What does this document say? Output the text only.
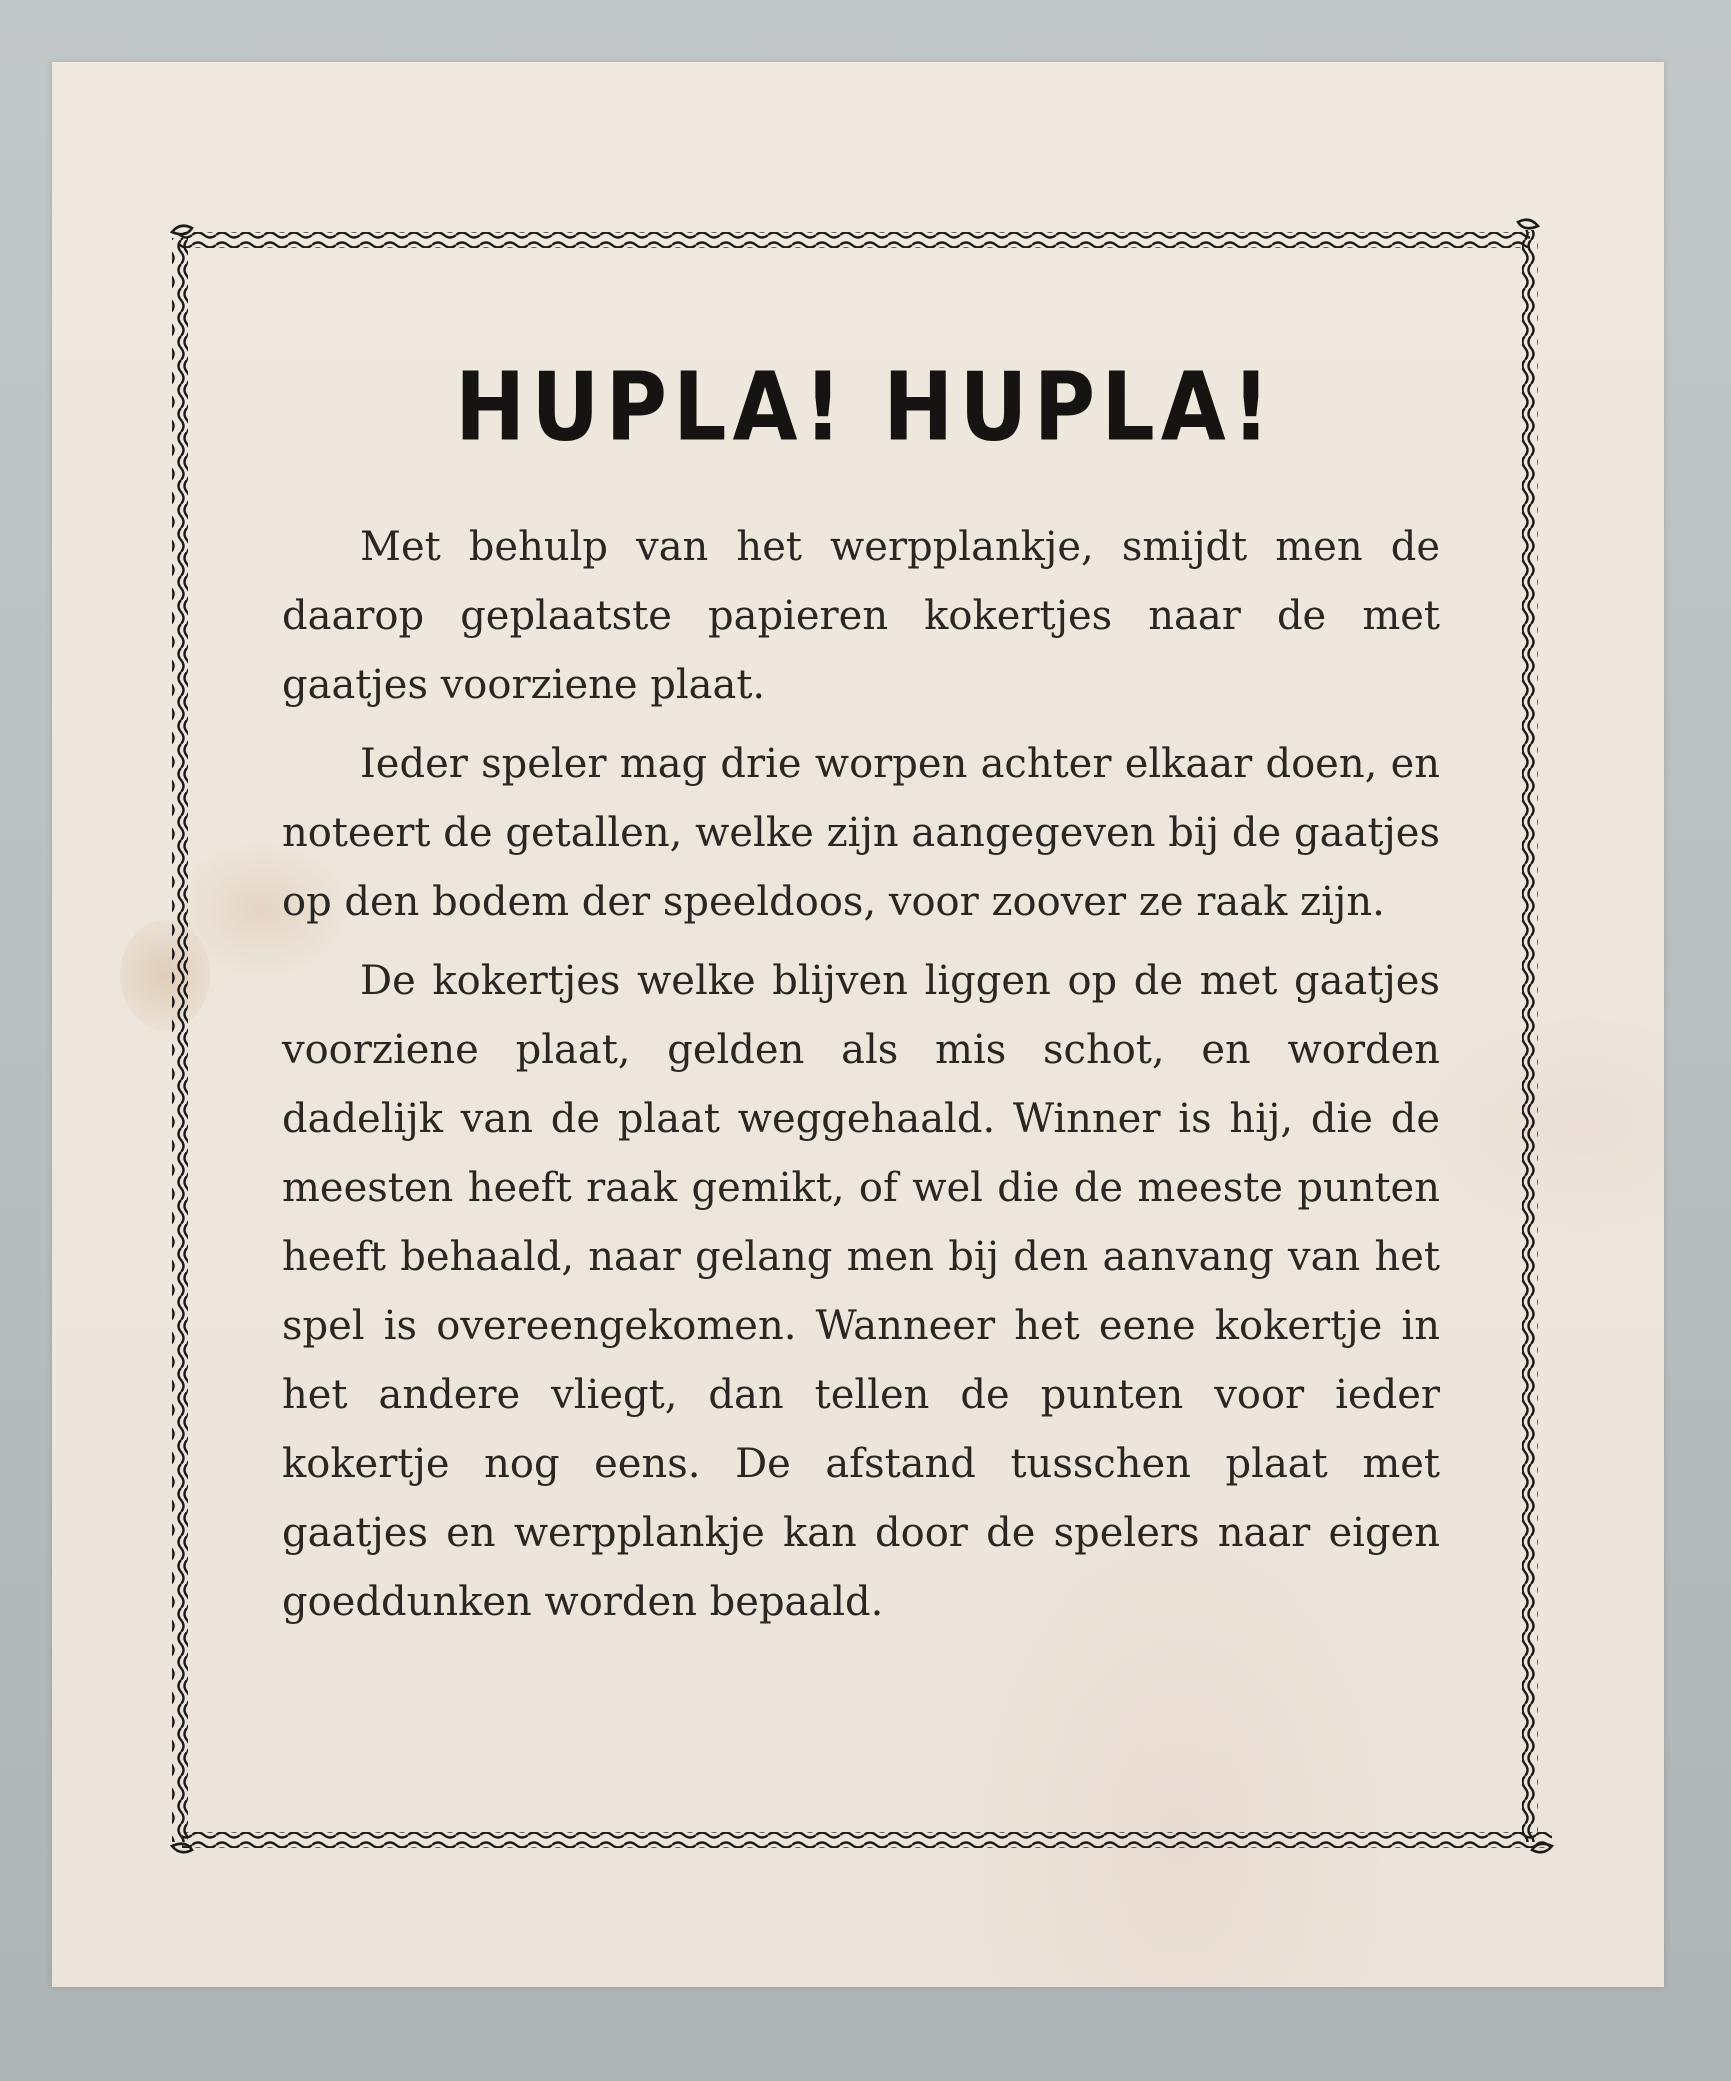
HUPLA! HUPLA!

Met behulp van het werpplankje, smijdt men de daarop geplaatste papieren kokertjes naar de met gaatjes voorziene plaat.

Ieder speler mag drie worpen achter elkaar doen, en noteert de getallen, welke zijn aangegeven bij de gaatjes op den bodem der speeldoos, voor zoover ze raak zijn.

De kokertjes welke blijven liggen op de met gaatjes voorziene plaat, gelden als mis schot, en worden dadelijk van de plaat weggehaald. Winner is hij, die de meesten heeft raak gemikt, of wel die de meeste punten heeft behaald, naar gelang men bij den aanvang van het spel is overeengekomen. Wanneer het eene kokertje in het andere vliegt, dan tellen de punten voor ieder kokertje nog eens. De afstand tusschen plaat met gaatjes en werpplankje kan door de spelers naar eigen goeddunken worden bepaald.
